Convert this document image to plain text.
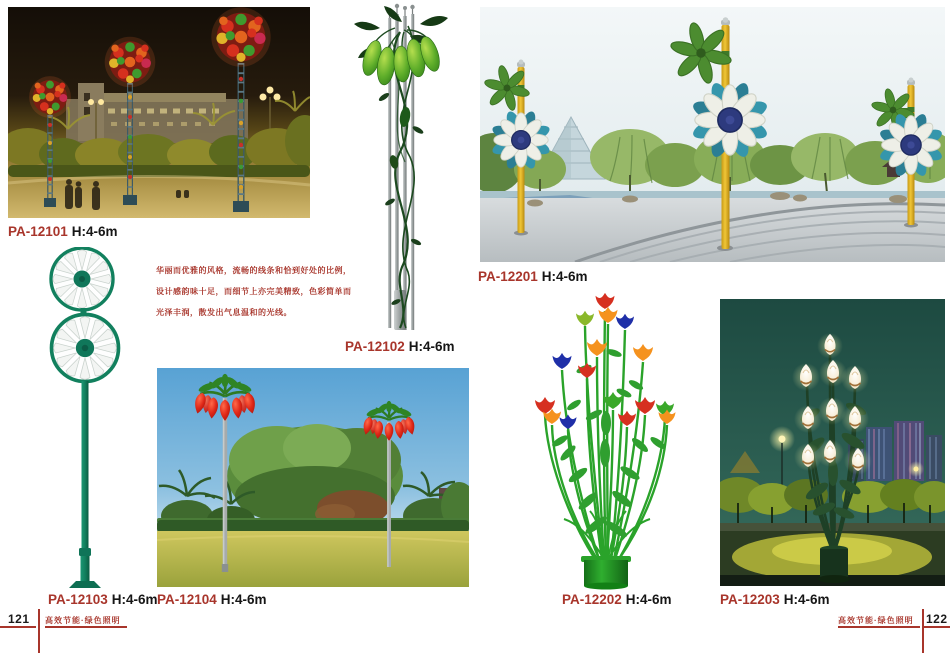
PA-12101 H:4-6m
PA-12102 H:4-6m
PA-12201 H:4-6m
华丽而优雅的风格，流畅的线条和恰到好处的比例，
设计感韵味十足，而细节上亦完美精致，色彩简单而
光泽丰润，散发出气息温和的光线。
PA-12103 H:4-6m PA-12104 H:4-6m	PA-12202 H:4-6m	PA-12203 H:4-6m
121 高效节能·绿色照明	高效节能·绿色照明 122
